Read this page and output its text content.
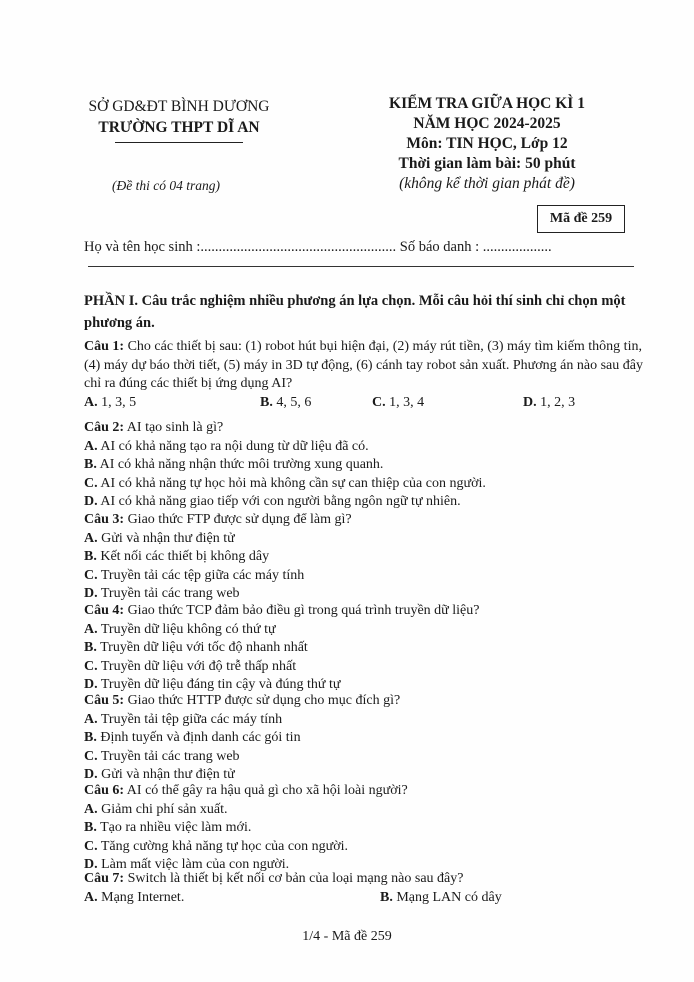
SỞ GD&ĐT BÌNH DƯƠNG
TRƯỜNG THPT DĨ AN
(Đề thi có 04 trang)
KIỂM TRA GIỮA HỌC KÌ 1
NĂM HỌC 2024-2025
Môn: TIN HỌC, Lớp 12
Thời gian làm bài: 50 phút
(không kể thời gian phát đề)
Mã đề 259
Họ và tên học sinh :...................................................... Số báo danh : ...................
PHẦN I. Câu trắc nghiệm nhiều phương án lựa chọn. Mỗi câu hỏi thí sinh chỉ chọn một phương án.
Câu 1: Cho các thiết bị sau: (1) robot hút bụi hiện đại, (2) máy rút tiền, (3) máy tìm kiếm thông tin, (4) máy dự báo thời tiết, (5) máy in 3D tự động, (6) cánh tay robot sản xuất. Phương án nào sau đây chỉ ra đúng các thiết bị ứng dụng AI?
A. 1, 3, 5	B. 4, 5, 6	C. 1, 3, 4	D. 1, 2, 3
Câu 2: AI tạo sinh là gì?
A. AI có khả năng tạo ra nội dung từ dữ liệu đã có.
B. AI có khả năng nhận thức môi trường xung quanh.
C. AI có khả năng tự học hỏi mà không cần sự can thiệp của con người.
D. AI có khả năng giao tiếp với con người bằng ngôn ngữ tự nhiên.
Câu 3: Giao thức FTP được sử dụng để làm gì?
A. Gửi và nhận thư điện tử
B. Kết nối các thiết bị không dây
C. Truyền tải các tệp giữa các máy tính
D. Truyền tải các trang web
Câu 4: Giao thức TCP đảm bảo điều gì trong quá trình truyền dữ liệu?
A. Truyền dữ liệu không có thứ tự
B. Truyền dữ liệu với tốc độ nhanh nhất
C. Truyền dữ liệu với độ trễ thấp nhất
D. Truyền dữ liệu đáng tin cậy và đúng thứ tự
Câu 5: Giao thức HTTP được sử dụng cho mục đích gì?
A. Truyền tải tệp giữa các máy tính
B. Định tuyến và định danh các gói tin
C. Truyền tải các trang web
D. Gửi và nhận thư điện tử
Câu 6: AI có thể gây ra hậu quả gì cho xã hội loài người?
A. Giảm chi phí sản xuất.
B. Tạo ra nhiều việc làm mới.
C. Tăng cường khả năng tự học của con người.
D. Làm mất việc làm của con người.
Câu 7: Switch là thiết bị kết nối cơ bản của loại mạng nào sau đây?
A. Mạng Internet.	B. Mạng LAN có dây
1/4 - Mã đề 259
